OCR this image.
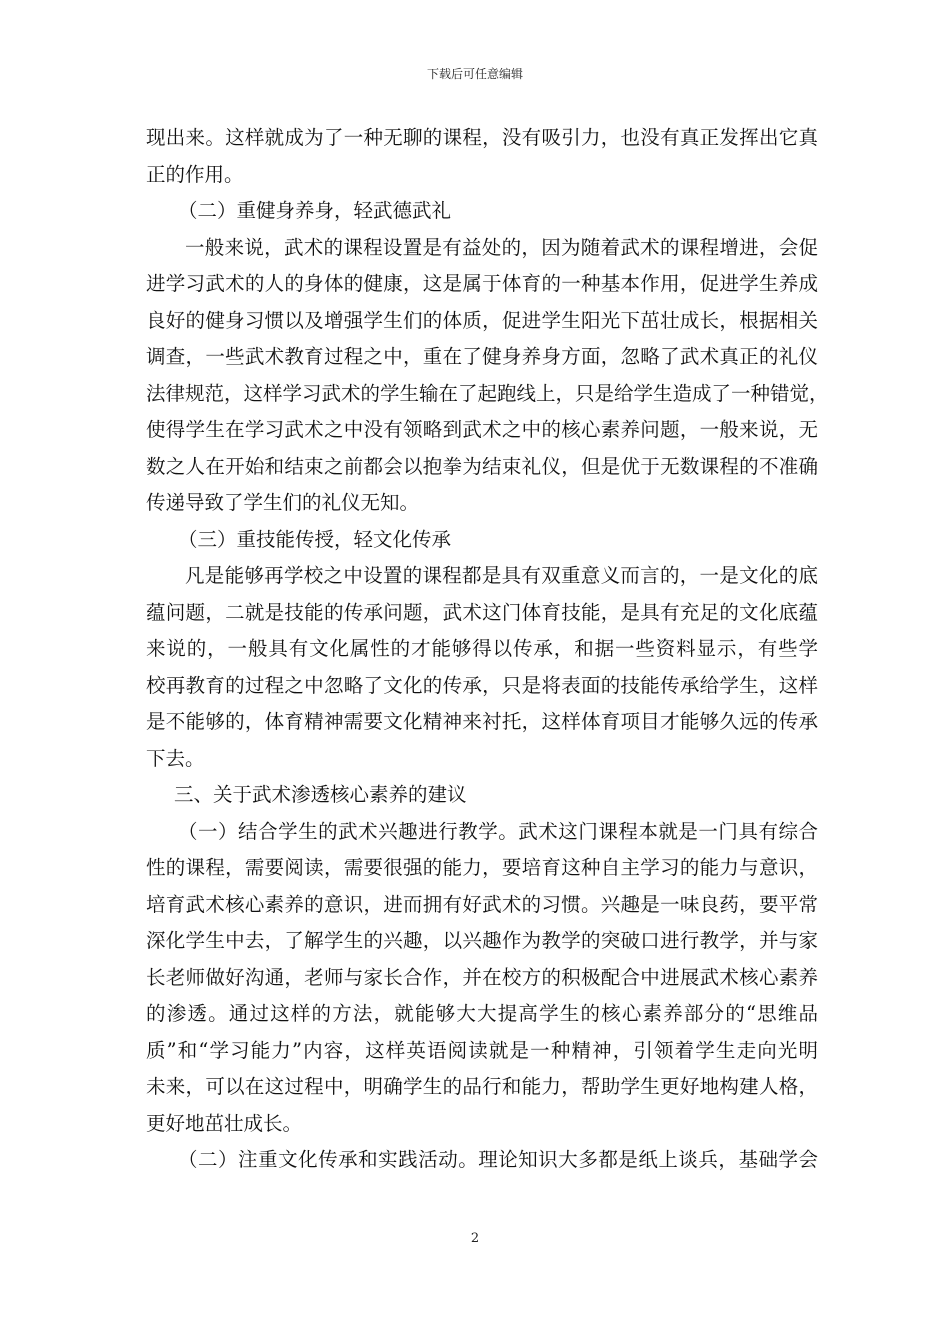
下载后可任意编辑
现出来。这样就成为了一种无聊的课程，没有吸引力，也没有真正发挥出它真
正的作用。
（二）重健身养身，轻武德武礼
一般来说，武术的课程设置是有益处的，因为随着武术的课程增进，会促
进学习武术的人的身体的健康，这是属于体育的一种基本作用，促进学生养成
良好的健身习惯以及增强学生们的体质，促进学生阳光下茁壮成长，根据相关
调查，一些武术教育过程之中，重在了健身养身方面，忽略了武术真正的礼仪
法律规范，这样学习武术的学生输在了起跑线上，只是给学生造成了一种错觉，
使得学生在学习武术之中没有领略到武术之中的核心素养问题，一般来说，无
数之人在开始和结束之前都会以抱拳为结束礼仪，但是优于无数课程的不准确
传递导致了学生们的礼仪无知。
（三）重技能传授，轻文化传承
凡是能够再学校之中设置的课程都是具有双重意义而言的，一是文化的底
蕴问题，二就是技能的传承问题，武术这门体育技能，是具有充足的文化底蕴
来说的，一般具有文化属性的才能够得以传承，和据一些资料显示，有些学
校再教育的过程之中忽略了文化的传承，只是将表面的技能传承给学生，这样
是不能够的，体育精神需要文化精神来衬托，这样体育项目才能够久远的传承
下去。
三、关于武术渗透核心素养的建议
（一）结合学生的武术兴趣进行教学。武术这门课程本就是一门具有综合
性的课程，需要阅读，需要很强的能力，要培育这种自主学习的能力与意识，
培育武术核心素养的意识，进而拥有好武术的习惯。兴趣是一味良药，要平常
深化学生中去，了解学生的兴趣，以兴趣作为教学的突破口进行教学，并与家
长老师做好沟通，老师与家长合作，并在校方的积极配合中进展武术核心素养
的渗透。通过这样的方法，就能够大大提高学生的核心素养部分的“思维品
质”和“学习能力”内容，这样英语阅读就是一种精神，引领着学生走向光明
未来，可以在这过程中，明确学生的品行和能力，帮助学生更好地构建人格，
更好地茁壮成长。
（二）注重文化传承和实践活动。理论知识大多都是纸上谈兵，基础学会
2
